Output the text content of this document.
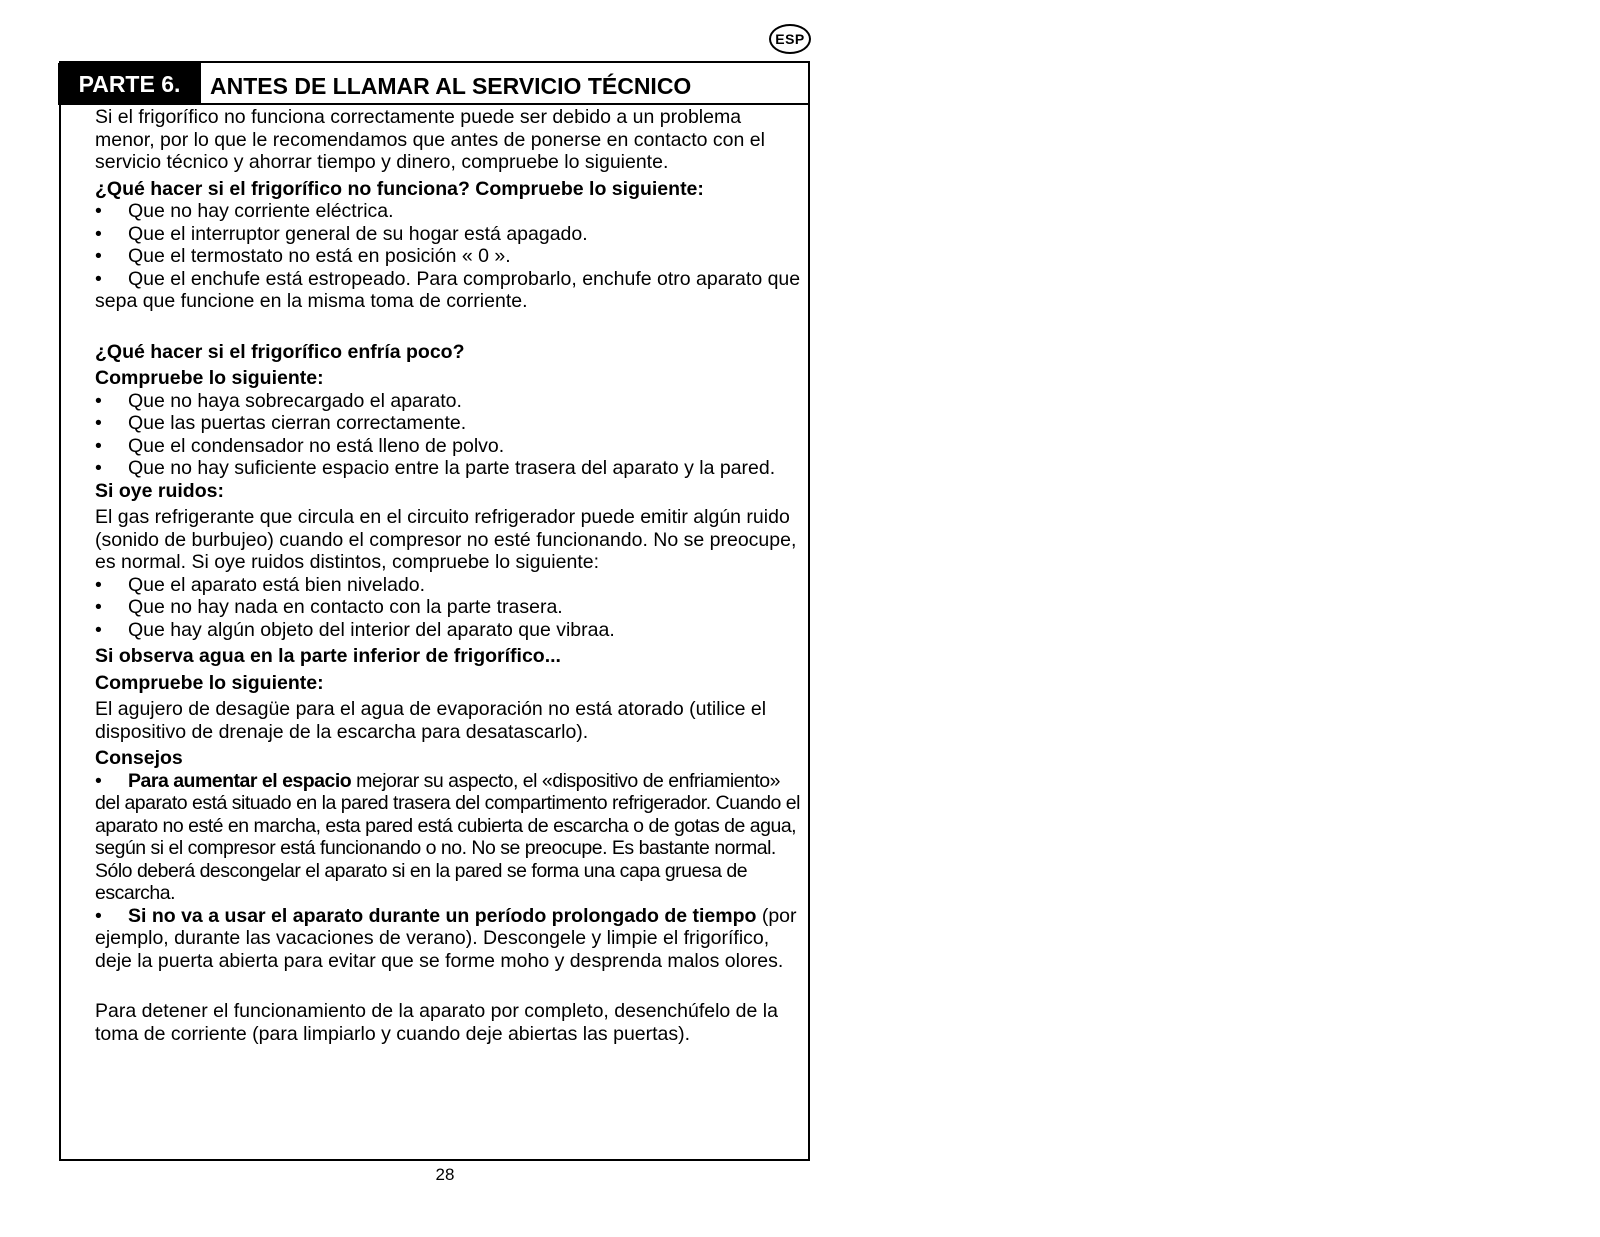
ESP
PARTE 6.	ANTES DE LLAMAR AL SERVICIO TÉCNICO

Si el frigorífico no funciona correctamente puede ser debido a un problema menor, por lo que le recomendamos que antes de ponerse en contacto con el servicio técnico y ahorrar tiempo y dinero, compruebe lo siguiente.

¿Qué hacer si el frigorífico no funciona? Compruebe lo siguiente:

• Que no hay corriente eléctrica.

• Que el interruptor general de su hogar está apagado.

• Que el termostato no está en posición « 0 ».

• Que el enchufe está estropeado. Para comprobarlo, enchufe otro aparato que sepa que funcione en la misma toma de corriente.

¿Qué hacer si el frigorífico enfría poco?

Compruebe lo siguiente:

• Que no haya sobrecargado el aparato.

• Que las puertas cierran correctamente.

• Que el condensador no está lleno de polvo.

• Que no hay suficiente espacio entre la parte trasera del aparato y la pared.

Si oye ruidos:

El gas refrigerante que circula en el circuito refrigerador puede emitir algún ruido (sonido de burbujeo) cuando el compresor no esté funcionando. No se preocupe, es normal. Si oye ruidos distintos, compruebe lo siguiente:

• Que el aparato está bien nivelado.

• Que no hay nada en contacto con la parte trasera.

• Que hay algún objeto del interior del aparato que vibraa.

Si observa agua en la parte inferior de frigorífico...

Compruebe lo siguiente:

El agujero de desagüe para el agua de evaporación no está atorado (utilice el dispositivo de drenaje de la escarcha para desatascarlo).

Consejos

• Para aumentar el espacio mejorar su aspecto, el «dispositivo de enfriamiento» del aparato está situado en la pared trasera del compartimento refrigerador. Cuando el aparato no esté en marcha, esta pared está cubierta de escarcha o de gotas de agua, según si el compresor está funcionando o no. No se preocupe. Es bastante normal. Sólo deberá descongelar el aparato si en la pared se forma una capa gruesa de escarcha.

• Si no va a usar el aparato durante un período prolongado de tiempo (por ejemplo, durante las vacaciones de verano). Descongele y limpie el frigorífico, deje la puerta abierta para evitar que se forme moho y desprenda malos olores.

Para detener el funcionamiento de la aparato por completo, desenchúfelo de la toma de corriente (para limpiarlo y cuando deje abiertas las puertas).

28
